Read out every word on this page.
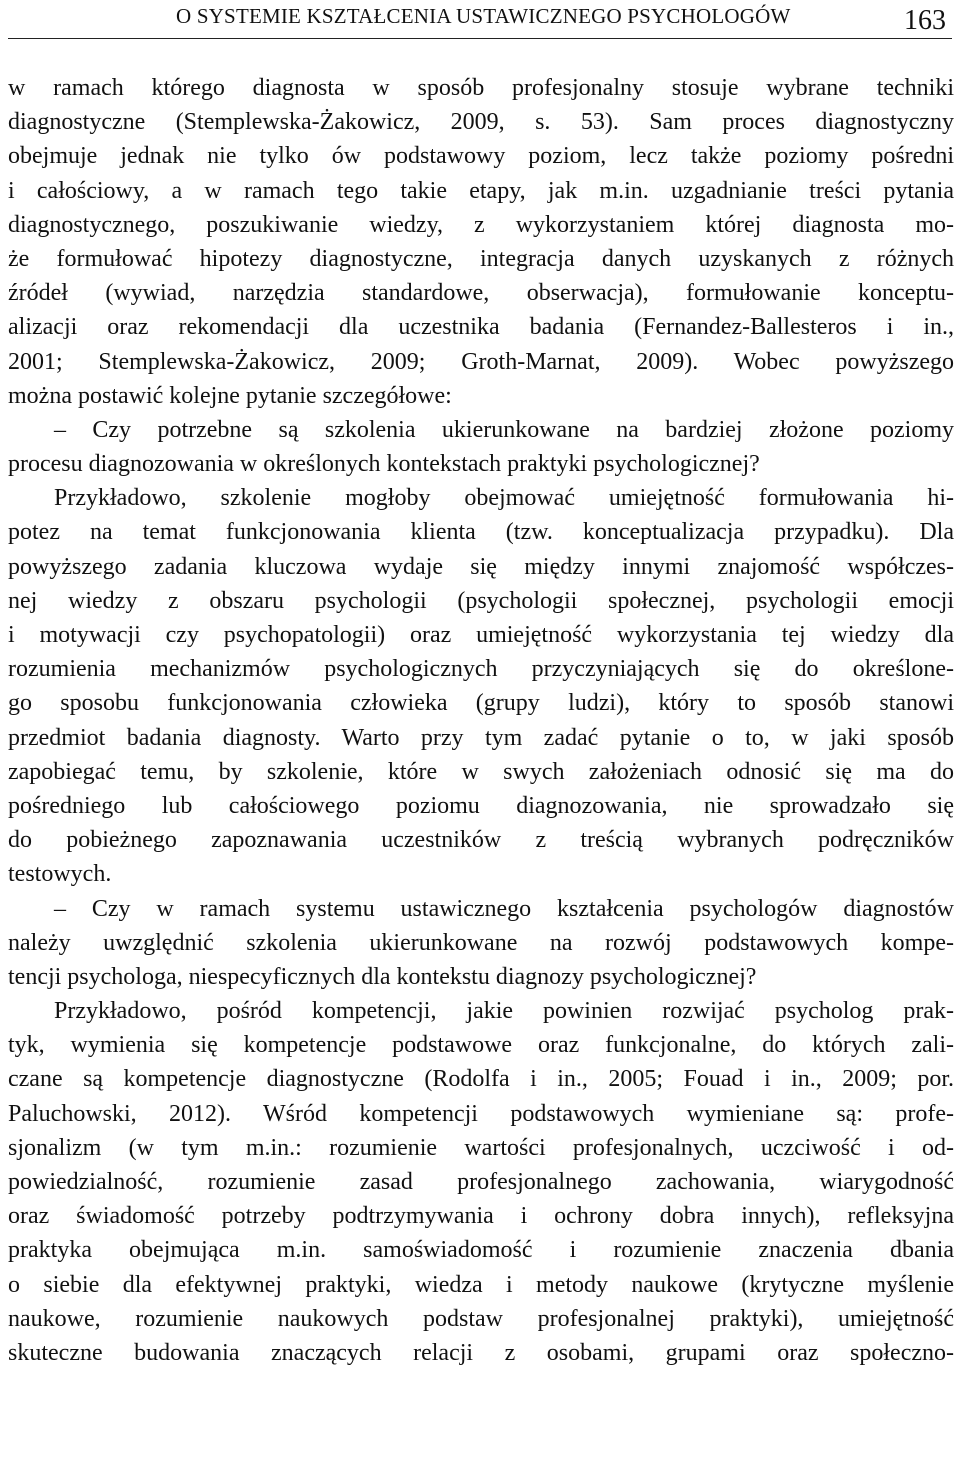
O SYSTEMIE KSZTAŁCENIA USTAWICZNEGO PSYCHOLOGÓW	163
w ramach którego diagnosta w sposób profesjonalny stosuje wybrane techniki
diagnostyczne (Stemplewska-Żakowicz, 2009, s. 53). Sam proces diagnostyczny
obejmuje jednak nie tylko ów podstawowy poziom, lecz także poziomy pośredni
i całościowy, a w ramach tego takie etapy, jak m.in. uzgadnianie treści pytania
diagnostycznego, poszukiwanie wiedzy, z wykorzystaniem której diagnosta mo-
że formułować hipotezy diagnostyczne, integracja danych uzyskanych z różnych
źródeł (wywiad, narzędzia standardowe, obserwacja), formułowanie konceptu-
alizacji oraz rekomendacji dla uczestnika badania (Fernandez-Ballesteros i in.,
2001; Stemplewska-Żakowicz, 2009; Groth-Marnat, 2009). Wobec powyższego
można postawić kolejne pytanie szczegółowe:
– Czy potrzebne są szkolenia ukierunkowane na bardziej złożone poziomy
procesu diagnozowania w określonych kontekstach praktyki psychologicznej?
Przykładowo, szkolenie mogłoby obejmować umiejętność formułowania hi-
potez na temat funkcjonowania klienta (tzw. konceptualizacja przypadku). Dla
powyższego zadania kluczowa wydaje się między innymi znajomość współczes-
nej wiedzy z obszaru psychologii (psychologii społecznej, psychologii emocji
i motywacji czy psychopatologii) oraz umiejętność wykorzystania tej wiedzy dla
rozumienia mechanizmów psychologicznych przyczyniających się do określone-
go sposobu funkcjonowania człowieka (grupy ludzi), który to sposób stanowi
przedmiot badania diagnosty. Warto przy tym zadać pytanie o to, w jaki sposób
zapobiegać temu, by szkolenie, które w swych założeniach odnosić się ma do
pośredniego lub całościowego poziomu diagnozowania, nie sprowadzało się
do pobieżnego zapoznawania uczestników z treścią wybranych podręczników
testowych.
– Czy w ramach systemu ustawicznego kształcenia psychologów diagnostów
należy uwzględnić szkolenia ukierunkowane na rozwój podstawowych kompe-
tencji psychologa, niespecyficznych dla kontekstu diagnozy psychologicznej?
Przykładowo, pośród kompetencji, jakie powinien rozwijać psycholog prak-
tyk, wymienia się kompetencje podstawowe oraz funkcjonalne, do których zali-
czane są kompetencje diagnostyczne (Rodolfa i in., 2005; Fouad i in., 2009; por.
Paluchowski, 2012). Wśród kompetencji podstawowych wymieniane są: profe-
sjonalizm (w tym m.in.: rozumienie wartości profesjonalnych, uczciwość i od-
powiedzialność, rozumienie zasad profesjonalnego zachowania, wiarygodność
oraz świadomość potrzeby podtrzymywania i ochrony dobra innych), refleksyjna
praktyka obejmująca m.in. samoświadomość i rozumienie znaczenia dbania
o siebie dla efektywnej praktyki, wiedza i metody naukowe (krytyczne myślenie
naukowe, rozumienie naukowych podstaw profesjonalnej praktyki), umiejętność
skuteczne budowania znaczących relacji z osobami, grupami oraz społeczno-
